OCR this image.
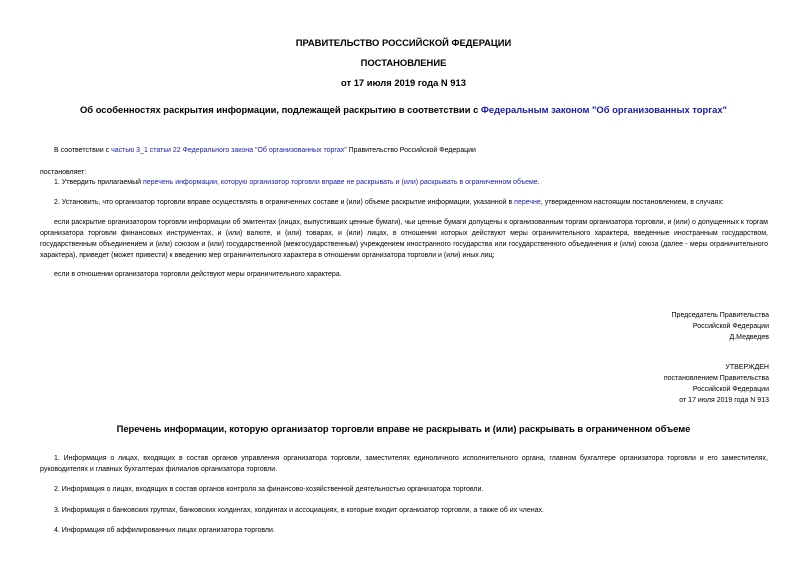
ПРАВИТЕЛЬСТВО РОССИЙСКОЙ ФЕДЕРАЦИИ
ПОСТАНОВЛЕНИЕ
от 17 июля 2019 года N 913
Об особенностях раскрытия информации, подлежащей раскрытию в соответствии с Федеральным законом "Об организованных торгах"
В соответствии с частью 3_1 статьи 22 Федерального закона "Об организованных торгах" Правительство Российской Федерации
постановляет:
1. Утвердить прилагаемый перечень информации, которую организатор торговли вправе не раскрывать и (или) раскрывать в ограниченном объеме.
2. Установить, что организатор торговли вправе осуществлять в ограниченных составе и (или) объеме раскрытие информации, указанной в перечне, утвержденном настоящим постановлением, в случаях:
если раскрытие организатором торговли информации об эмитентах (лицах, выпустивших ценные бумаги), чьи ценные бумаги допущены к организованным торгам организатора торговли, и (или) о допущенных к торгам организатора торговли финансовых инструментах, и (или) валюте, и (или) товарах, и (или) лицах, в отношении которых действуют меры ограничительного характера, введенные иностранным государством, государственным объединением и (или) союзом и (или) государственной (межгосударственным) учреждением иностранного государства или государственного объединения и (или) союза (далее - меры ограничительного характера), приведет (может привести) к введению мер ограничительного характера в отношении организатора торговли и (или) иных лиц;
если в отношении организатора торговли действуют меры ограничительного характера.
Председатель Правительства
Российской Федерации
Д.Медведев
УТВЕРЖДЕН
постановлением Правительства
Российской Федерации
от 17 июля 2019 года N 913
Перечень информации, которую организатор торговли вправе не раскрывать и (или) раскрывать в ограниченном объеме
1. Информация о лицах, входящих в состав органов управления организатора торговли, заместителях единоличного исполнительного органа, главном бухгалтере организатора торговли и его заместителях, руководителях и главных бухгалтерах филиалов организатора торговли.
2. Информация о лицах, входящих в состав органов контроля за финансово-хозяйственной деятельностью организатора торговли.
3. Информация о банковских группах, банковских холдингах, холдингах и ассоциациях, в которые входит организатор торговли, а также об их членах.
4. Информация об аффилированных лицах организатора торговли.
